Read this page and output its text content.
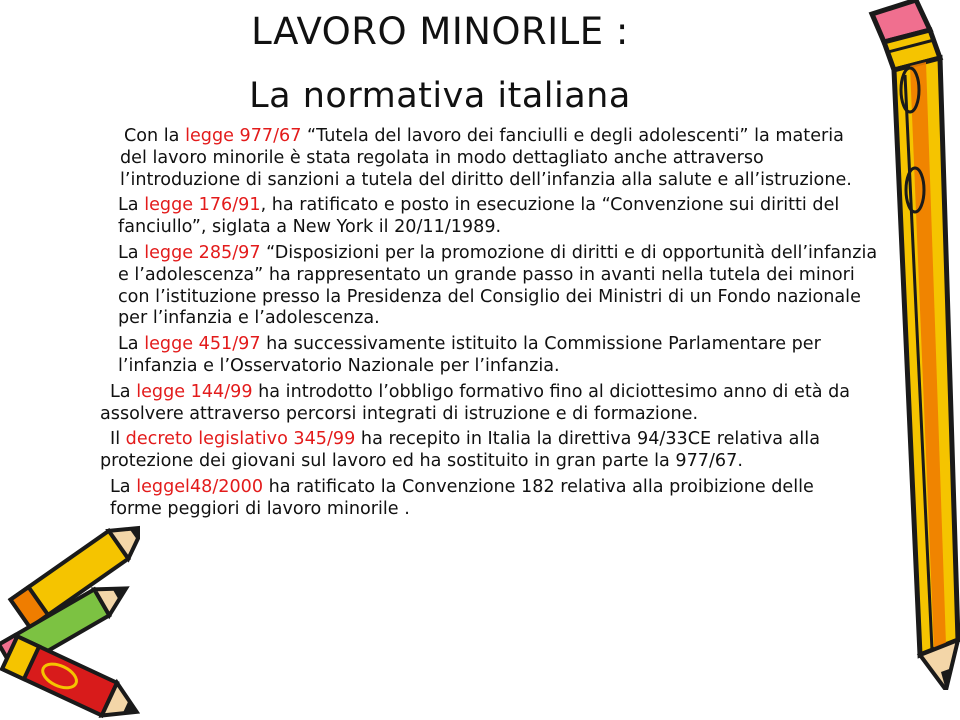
LAVORO MINORILE :
La normativa italiana

Con la legge 977/67 “Tutela del lavoro dei fanciulli e degli adolescenti” la materia del lavoro minorile è stata regolata in modo dettagliato anche attraverso l’introduzione di sanzioni a tutela del diritto dell’infanzia alla salute e all’istruzione.

La legge 176/91, ha ratificato e posto in esecuzione la “Convenzione sui diritti del fanciullo”, siglata a New York il 20/11/1989.

La legge 285/97 “Disposizioni per la promozione di diritti e di opportunità dell’infanzia e l’adolescenza” ha rappresentato un grande passo in avanti nella tutela dei minori con l’istituzione presso la Presidenza del Consiglio dei Ministri di un Fondo nazionale per l’infanzia e l’adolescenza.

La legge 451/97 ha successivamente istituito la Commissione Parlamentare per l’infanzia e l’Osservatorio Nazionale per l’infanzia.

La legge 144/99 ha introdotto l’obbligo formativo fino al diciottesimo anno di età da assolvere attraverso percorsi integrati di istruzione e di formazione.

Il decreto legislativo 345/99 ha recepito in Italia la direttiva 94/33CE relativa alla protezione dei giovani sul lavoro ed ha sostituito in gran parte la 977/67.

La leggel48/2000 ha ratificato la Convenzione 182 relativa alla proibizione delle forme peggiori di lavoro minorile .
